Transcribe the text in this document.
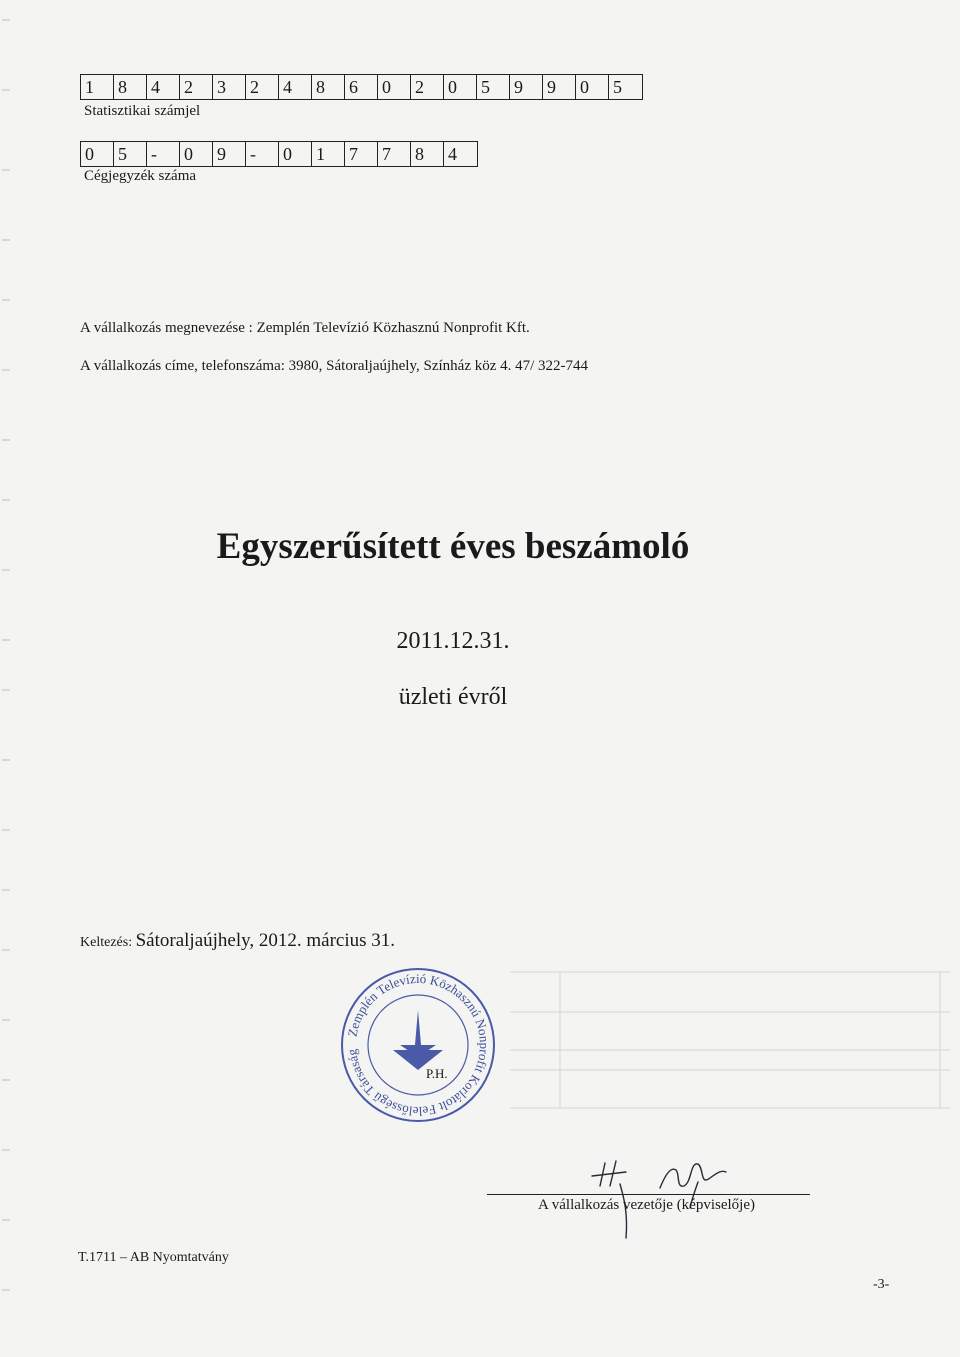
1	8	4	2	3	2	4	8	6	0	2	0	5	9	9	0	5
Statisztikai számjel
0	5	-	0	9	-	0	1	7	7	8	4
Cégjegyzék száma
A vállalkozás megnevezése : Zemplén Televízió Közhasznú Nonprofit Kft.
A vállalkozás címe, telefonszáma: 3980, Sátoraljaújhely, Színház köz 4. 47/ 322-744
Egyszerűsített éves beszámoló
2011.12.31.
üzleti évről
Keltezés: Sátoraljaújhely, 2012. március 31.
Zemplén Televízió Közhasznú Nonprofit Korlátolt Felelősségű Társaság
P.H.
A vállalkozás vezetője (képviselője)
T.1711 – AB Nyomtatvány
-3-
